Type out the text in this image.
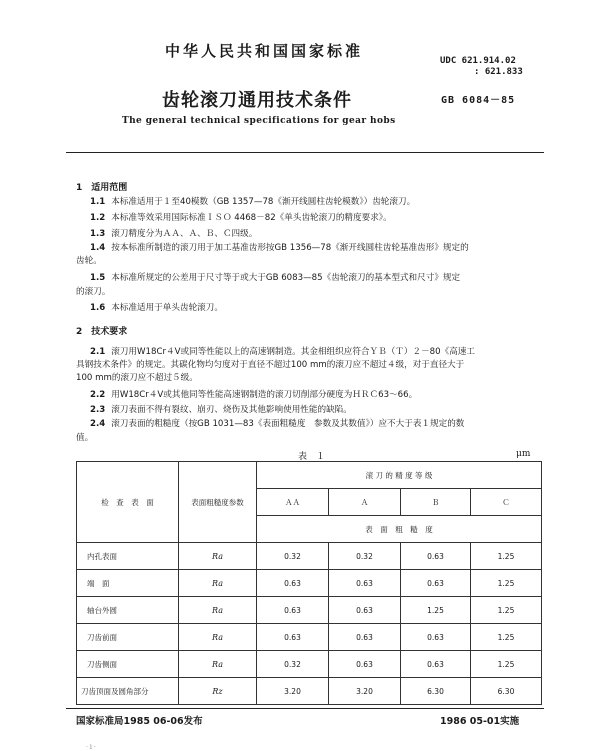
中华人民共和国国家标准
UDC 621.914.02
: 621.833
齿轮滚刀通用技术条件	GB 6084－85
The general technical specifications for gear hobs
1　适用范围
1.1 本标准适用于１至40模数（GB 1357—78《渐开线圆柱齿轮模数》）齿轮滚刀。
1.2 本标准等效采用国际标准ＩＳＯ 4468－82《单头齿轮滚刀的精度要求》。
1.3 滚刀精度分为ＡＡ、Ａ、Ｂ、Ｃ四级。
1.4 按本标准所制造的滚刀用于加工基准齿形按GB 1356—78《渐开线圆柱齿轮基准齿形》规定的
齿轮。
1.5 本标准所规定的公差用于尺寸等于或大于GB 6083—85《齿轮滚刀的基本型式和尺寸》规定
的滚刀。
1.6 本标准适用于单头齿轮滚刀。
2　技术要求
2.1 滚刀用W18Cr４V或同等性能以上的高速钢制造。其金相组织应符合ＹＢ（Ｔ）２－80《高速工
具钢技术条件》的规定。其碳化物均匀度对于直径不超过100 mm的滚刀应不超过４级，对于直径大于
100 mm的滚刀应不超过５级。
2.2 用W18Cr４V或其他同等性能高速钢制造的滚刀切削部分硬度为ＨＲＣ63～66。
2.3 滚刀表面不得有裂纹、崩刃、烧伤及其他影响使用性能的缺陷。
2.4 滚刀表面的粗糙度（按GB 1031—83《表面粗糙度　参数及其数值》）应不大于表１规定的数
值。
表　１	μm
检　查　表　面	表面粗糙度参数	滚 刀 的 精 度 等 级			
		ＡＡ	Ａ	Ｂ	Ｃ
		表　面　粗　糙　度			
内孔表面	Ra	0.32	0.32	0.63	1.25
端　面	Ra	0.63	0.63	0.63	1.25
轴台外圆	Ra	0.63	0.63	1.25	1.25
刀齿前面	Ra	0.63	0.63	0.63	1.25
刀齿侧面	Ra	0.32	0.63	0.63	1.25
刀齿顶面及圆角部分	Rz	3.20	3.20	6.30	6.30
国家标准局1985 06-06发布	1986 05-01实施
·１·
